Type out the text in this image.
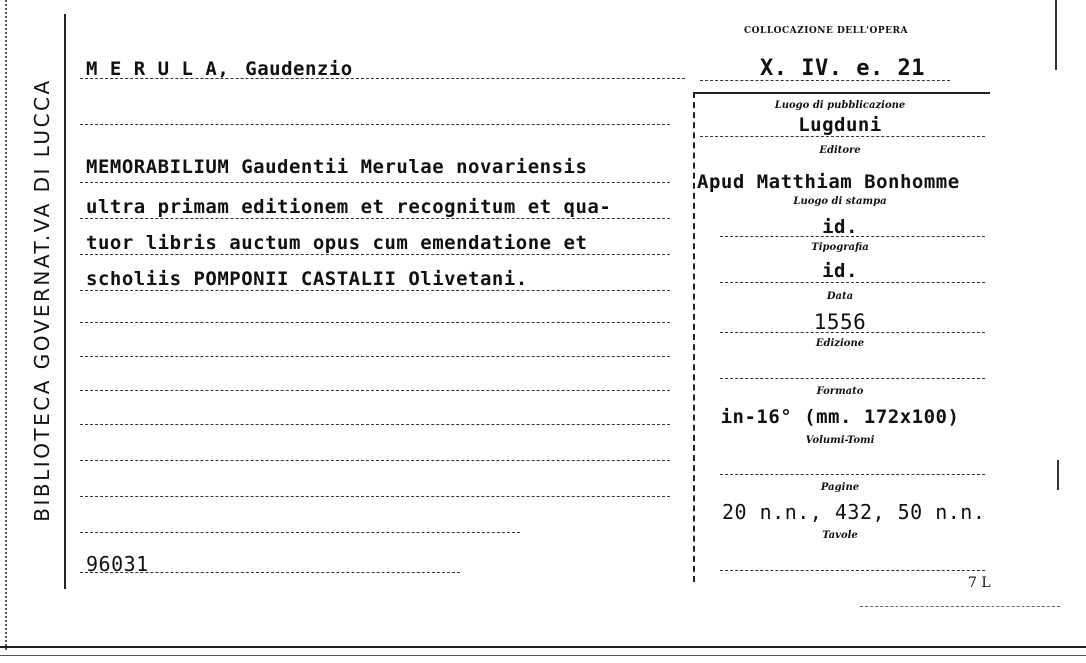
BIBLIOTECA GOVERNAT.VA DI LUCCA
COLLOCAZIONE DELL'OPERA
X. IV. e. 21
M E R U L A, Gaudenzio
MEMORABILIUM Gaudentii Merulae novariensis
ultra primam editionem et recognitum et qua-
tuor libris auctum opus cum emendatione et
scholiis POMPONII CASTALII Olivetani.
96031
Luogo di pubblicazione
Lugduni
Editore
Apud Matthiam Bonhomme
Luogo di stampa
id.
Tipografia
id.
Data
1556
Edizione
Formato
in-16° (mm. 172x100)
Volumi-Tomi
Pagine
20 n.n., 432, 50 n.n.
Tavole
7 L
